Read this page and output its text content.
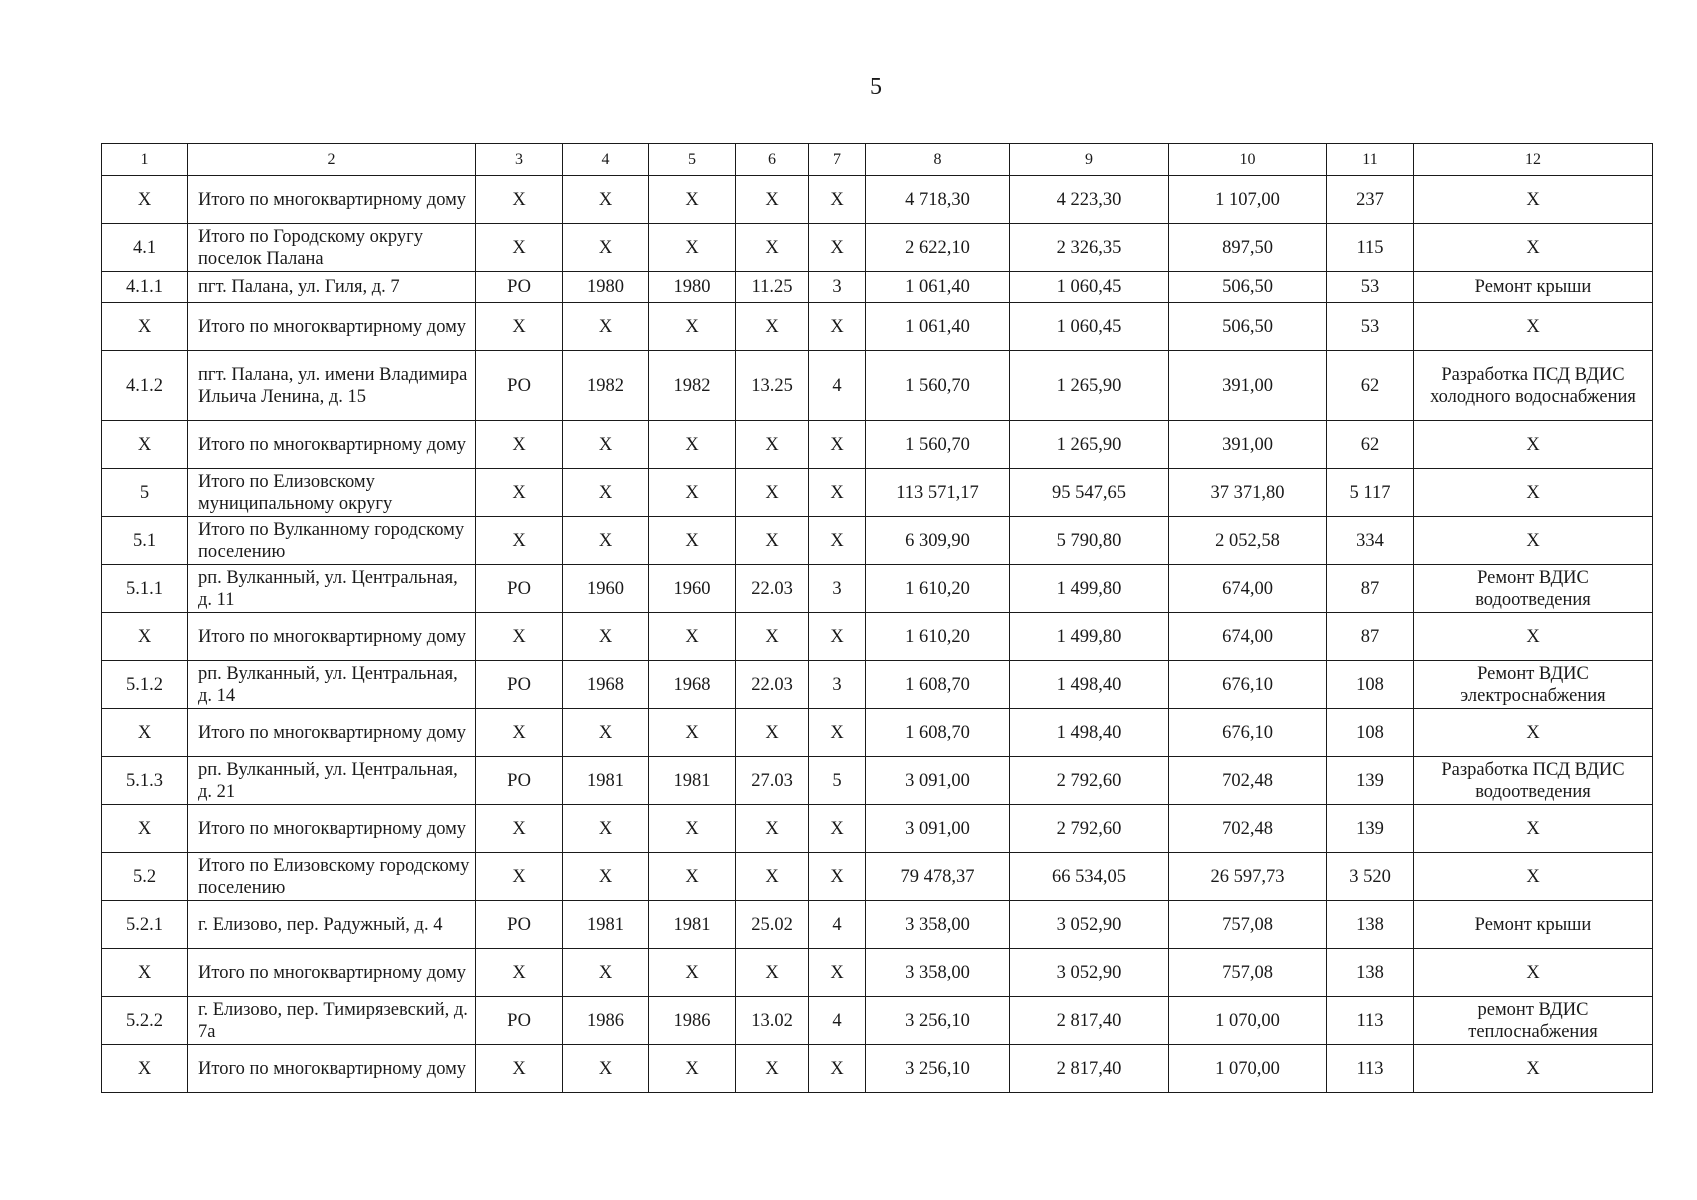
5
1	2	3	4	5	6	7	8	9	10	11	12
Х	Итого по многоквартирному дому	Х	Х	Х	Х	Х	4 718,30	4 223,30	1 107,00	237	Х
4.1	Итого по Городскому округу поселок Палана	Х	Х	Х	Х	Х	2 622,10	2 326,35	897,50	115	Х
4.1.1	пгт. Палана, ул. Гиля, д. 7	РО	1980	1980	11.25	3	1 061,40	1 060,45	506,50	53	Ремонт крыши
Х	Итого по многоквартирному дому	Х	Х	Х	Х	Х	1 061,40	1 060,45	506,50	53	Х
4.1.2	пгт. Палана, ул. имени Владимира Ильича Ленина, д. 15	РО	1982	1982	13.25	4	1 560,70	1 265,90	391,00	62	Разработка ПСД ВДИС холодного водоснабжения
Х	Итого по многоквартирному дому	Х	Х	Х	Х	Х	1 560,70	1 265,90	391,00	62	Х
5	Итого по Елизовскому муниципальному округу	Х	Х	Х	Х	Х	113 571,17	95 547,65	37 371,80	5 117	Х
5.1	Итого по Вулканному городскому поселению	Х	Х	Х	Х	Х	6 309,90	5 790,80	2 052,58	334	Х
5.1.1	рп. Вулканный, ул. Центральная, д. 11	РО	1960	1960	22.03	3	1 610,20	1 499,80	674,00	87	Ремонт ВДИС водоотведения
Х	Итого по многоквартирному дому	Х	Х	Х	Х	Х	1 610,20	1 499,80	674,00	87	Х
5.1.2	рп. Вулканный, ул. Центральная, д. 14	РО	1968	1968	22.03	3	1 608,70	1 498,40	676,10	108	Ремонт ВДИС электроснабжения
Х	Итого по многоквартирному дому	Х	Х	Х	Х	Х	1 608,70	1 498,40	676,10	108	Х
5.1.3	рп. Вулканный, ул. Центральная, д. 21	РО	1981	1981	27.03	5	3 091,00	2 792,60	702,48	139	Разработка ПСД ВДИС водоотведения
Х	Итого по многоквартирному дому	Х	Х	Х	Х	Х	3 091,00	2 792,60	702,48	139	Х
5.2	Итого по Елизовскому городскому поселению	Х	Х	Х	Х	Х	79 478,37	66 534,05	26 597,73	3 520	Х
5.2.1	г. Елизово, пер. Радужный, д. 4	РО	1981	1981	25.02	4	3 358,00	3 052,90	757,08	138	Ремонт крыши
Х	Итого по многоквартирному дому	Х	Х	Х	Х	Х	3 358,00	3 052,90	757,08	138	Х
5.2.2	г. Елизово, пер. Тимирязевский, д. 7а	РО	1986	1986	13.02	4	3 256,10	2 817,40	1 070,00	113	ремонт ВДИС теплоснабжения
Х	Итого по многоквартирному дому	Х	Х	Х	Х	Х	3 256,10	2 817,40	1 070,00	113	Х
